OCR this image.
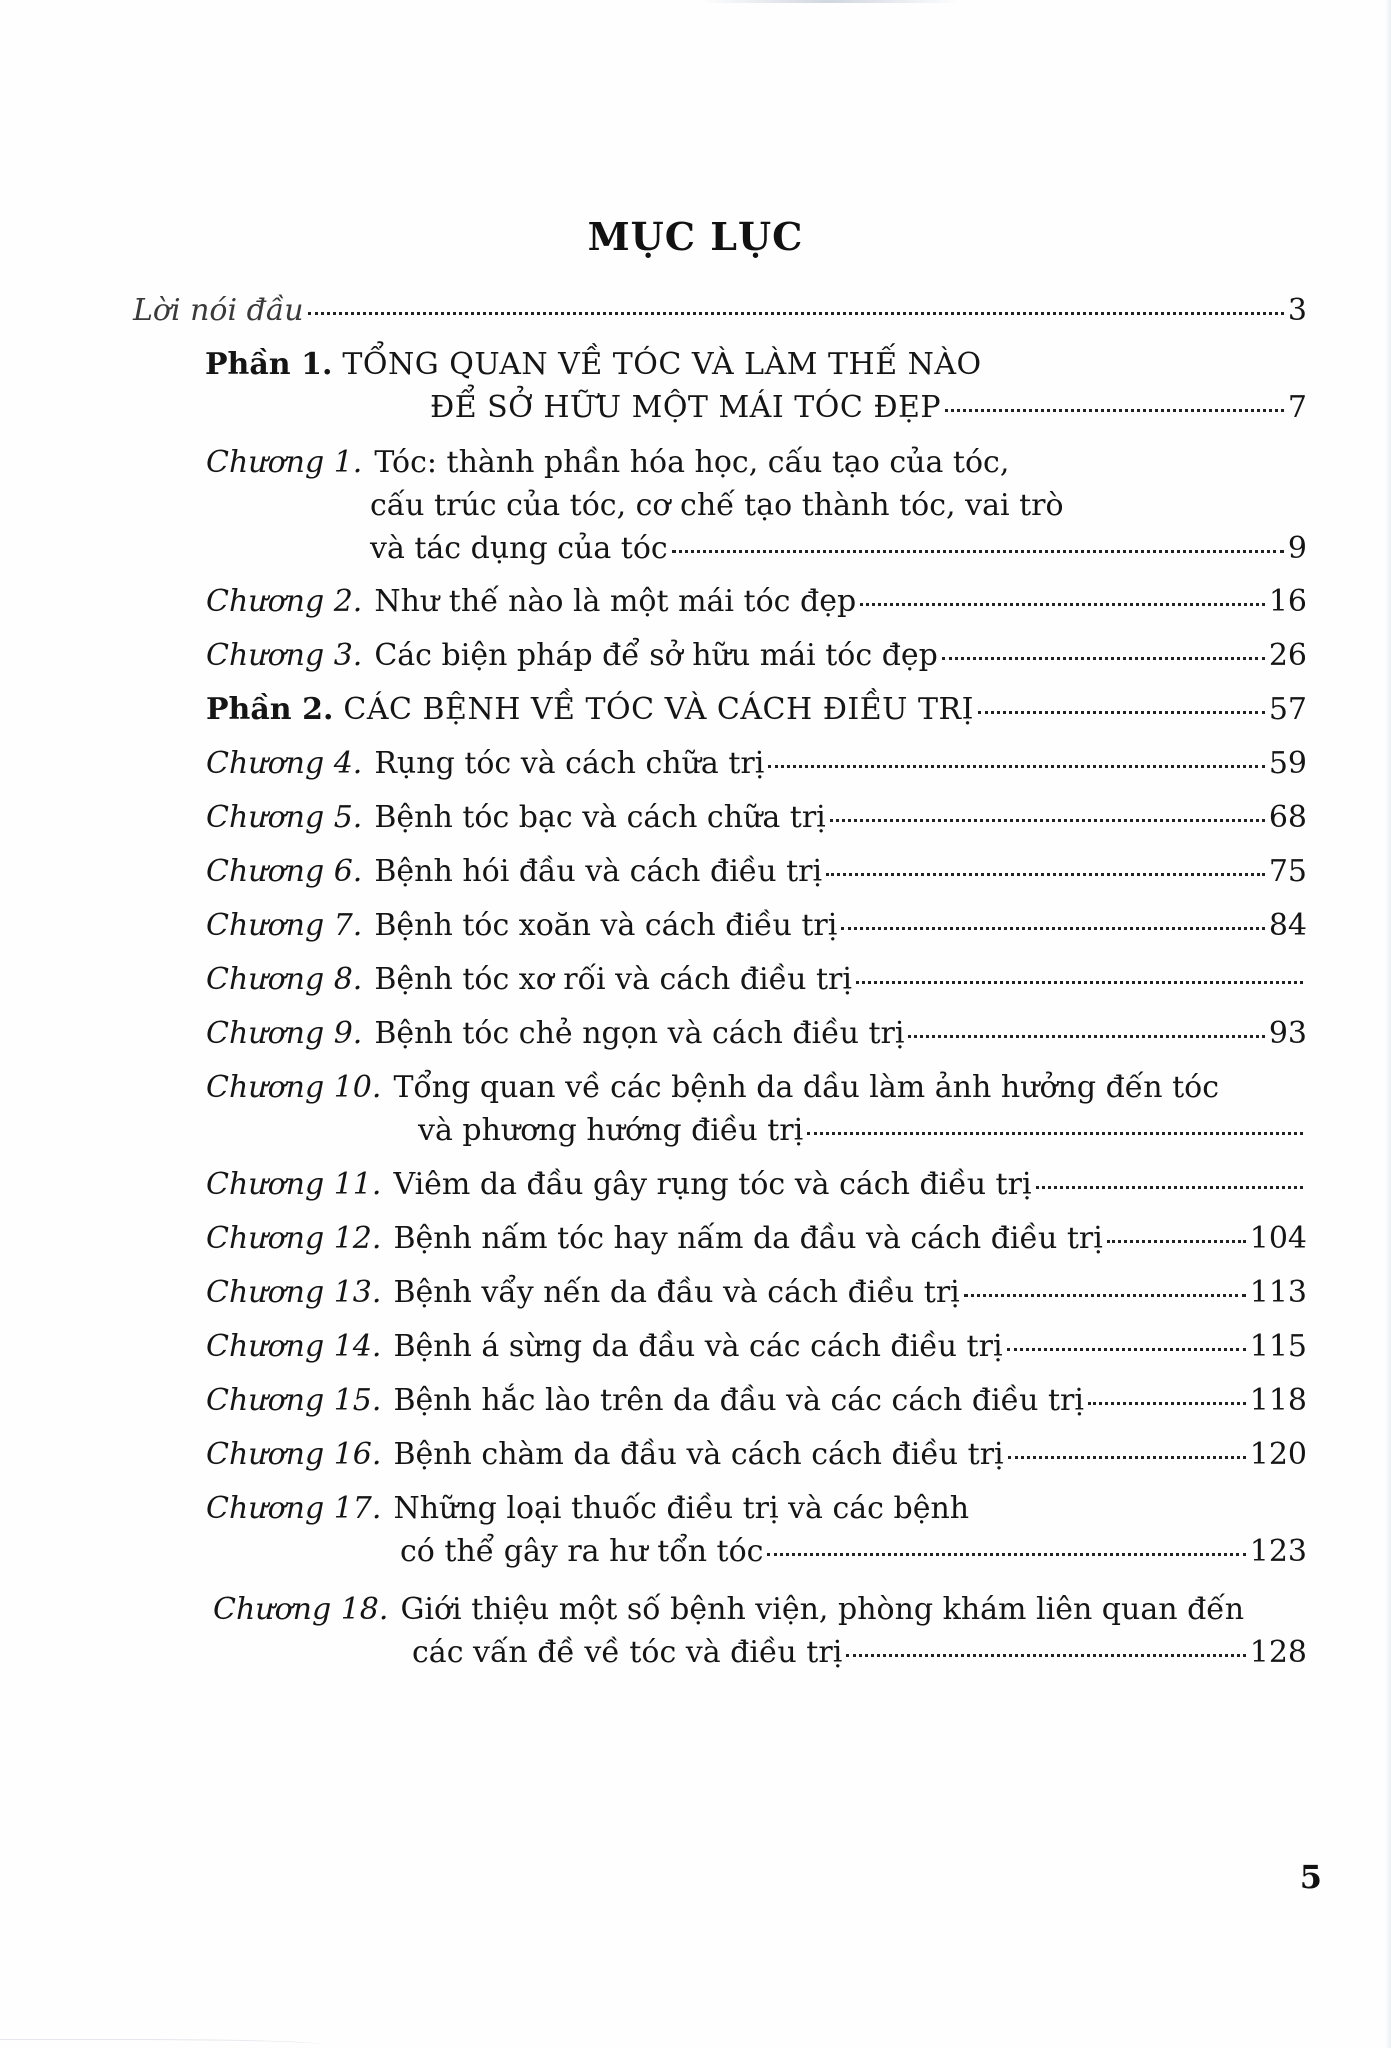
MỤC LỤC
Lời nói đầu	3
Phần 1. TỔNG QUAN VỀ TÓC VÀ LÀM THẾ NÀO
ĐỂ SỞ HỮU MỘT MÁI TÓC ĐẸP	7
Chương 1. Tóc: thành phần hóa học, cấu tạo của tóc,
cấu trúc của tóc, cơ chế tạo thành tóc, vai trò
và tác dụng của tóc	9
Chương 2. Như thế nào là một mái tóc đẹp	16
Chương 3. Các biện pháp để sở hữu mái tóc đẹp	26
Phần 2. CÁC BỆNH VỀ TÓC VÀ CÁCH ĐIỀU TRỊ	57
Chương 4. Rụng tóc và cách chữa trị	59
Chương 5. Bệnh tóc bạc và cách chữa trị	68
Chương 6. Bệnh hói đầu và cách điều trị	75
Chương 7. Bệnh tóc xoăn và cách điều trị	84
Chương 8. Bệnh tóc xơ rối và cách điều trị
Chương 9. Bệnh tóc chẻ ngọn và cách điều trị	93
Chương 10. Tổng quan về các bệnh da dầu làm ảnh hưởng đến tóc
và phương hướng điều trị
Chương 11. Viêm da đầu gây rụng tóc và cách điều trị
Chương 12. Bệnh nấm tóc hay nấm da đầu và cách điều trị	104
Chương 13. Bệnh vẩy nến da đầu và cách điều trị	113
Chương 14. Bệnh á sừng da đầu và các cách điều trị	115
Chương 15. Bệnh hắc lào trên da đầu và các cách điều trị	118
Chương 16. Bệnh chàm da đầu và cách cách điều trị	120
Chương 17. Những loại thuốc điều trị và các bệnh
có thể gây ra hư tổn tóc	123
Chương 18. Giới thiệu một số bệnh viện, phòng khám liên quan đến
các vấn đề về tóc và điều trị	128
5
